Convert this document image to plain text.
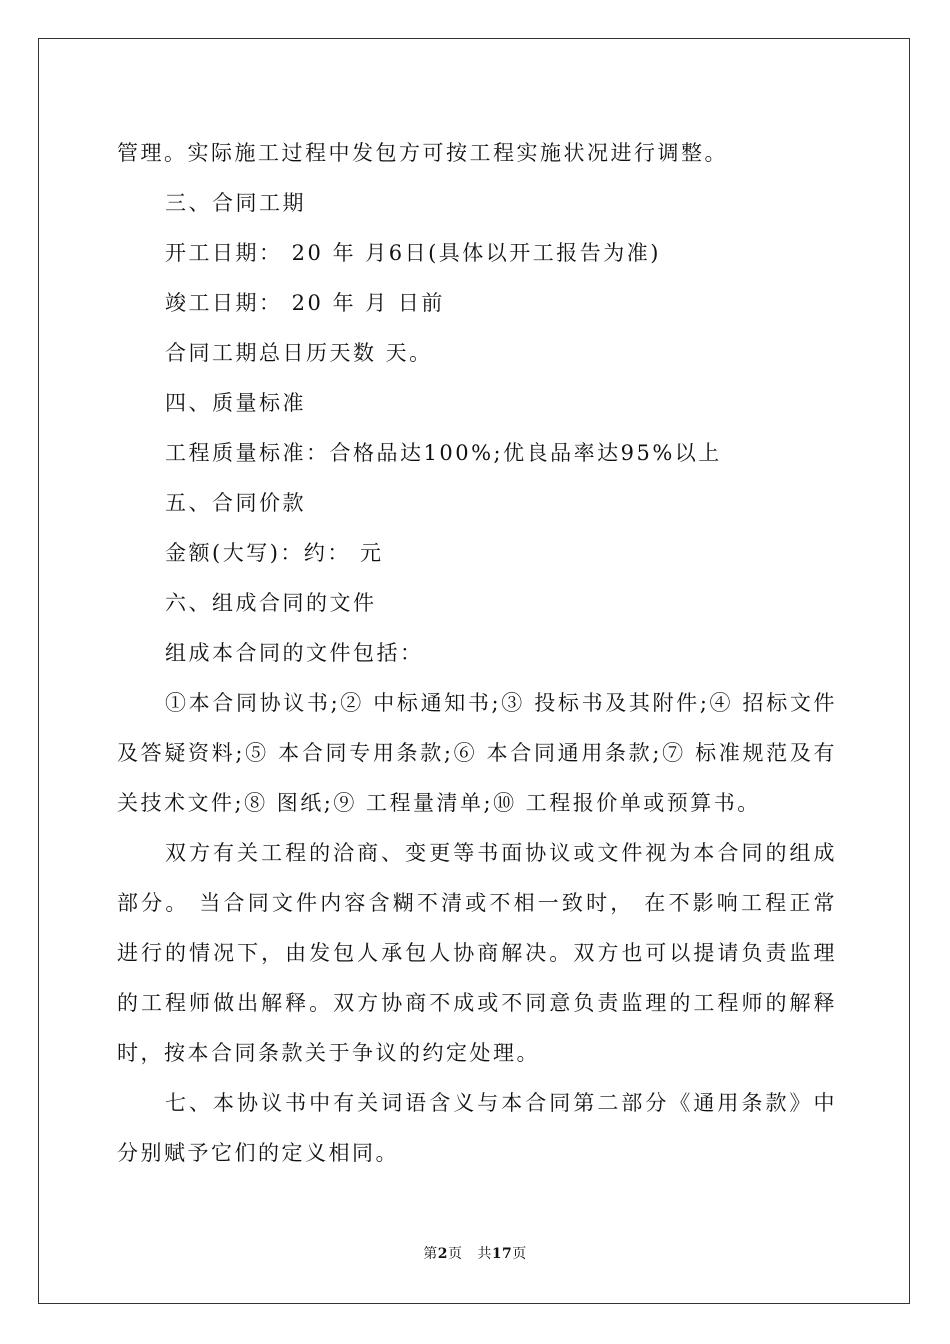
管理。实际施工过程中发包方可按工程实施状况进行调整。

三、合同工期

开工日期： 20 年 月6日(具体以开工报告为准)

竣工日期： 20 年 月 日前

合同工期总日历天数 天。

四、质量标准

工程质量标准：合格品达100%;优良品率达95%以上

五、合同价款

金额(大写)：约： 元

六、组成合同的文件

组成本合同的文件包括：

①本合同协议书;② 中标通知书;③ 投标书及其附件;④ 招标文件及答疑资料;⑤ 本合同专用条款;⑥ 本合同通用条款;⑦ 标准规范及有关技术文件;⑧ 图纸;⑨ 工程量清单;⑩ 工程报价单或预算书。

双方有关工程的洽商、变更等书面协议或文件视为本合同的组成部分。 当合同文件内容含糊不清或不相一致时， 在不影响工程正常进行的情况下，由发包人承包人协商解决。双方也可以提请负责监理的工程师做出解释。双方协商不成或不同意负责监理的工程师的解释时，按本合同条款关于争议的约定处理。

七、本协议书中有关词语含义与本合同第二部分《通用条款》中分别赋予它们的定义相同。

第2页 共17页
